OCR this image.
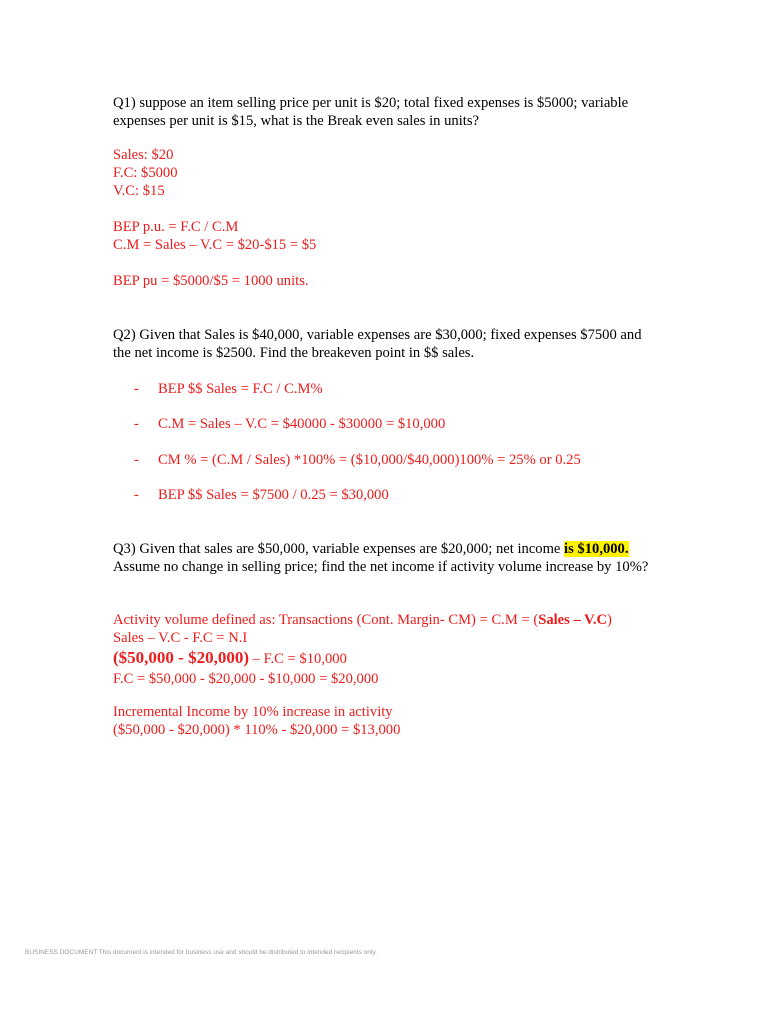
Q1) suppose an item selling price per unit is $20; total fixed expenses is $5000; variable expenses per unit is $15, what is the Break even sales in units?
Sales: $20
F.C: $5000
V.C: $15
BEP p.u. = F.C / C.M
C.M = Sales – V.C = $20-$15 = $5
BEP pu = $5000/$5 = 1000 units.
Q2) Given that Sales is $40,000, variable expenses are $30,000; fixed expenses $7500 and the net income is $2500. Find the breakeven point in $$ sales.
- BEP $$ Sales = F.C / C.M%
- C.M = Sales – V.C = $40000 - $30000 = $10,000
- CM % = (C.M / Sales) *100% = ($10,000/$40,000)100% = 25% or 0.25
- BEP $$ Sales = $7500 / 0.25 = $30,000
Q3) Given that sales are $50,000, variable expenses are $20,000; net income is $10,000.
Assume no change in selling price; find the net income if activity volume increase by 10%?
Activity volume defined as: Transactions (Cont. Margin- CM) = C.M = (Sales – V.C)
Sales – V.C - F.C = N.I
($50,000 - $20,000) – F.C = $10,000
F.C = $50,000 - $20,000 - $10,000 = $20,000
Incremental Income by 10% increase in activity
($50,000 - $20,000) * 110% - $20,000 = $13,000
BUSINESS DOCUMENT This document is intended for business use and should be distributed to intended recipients only.
